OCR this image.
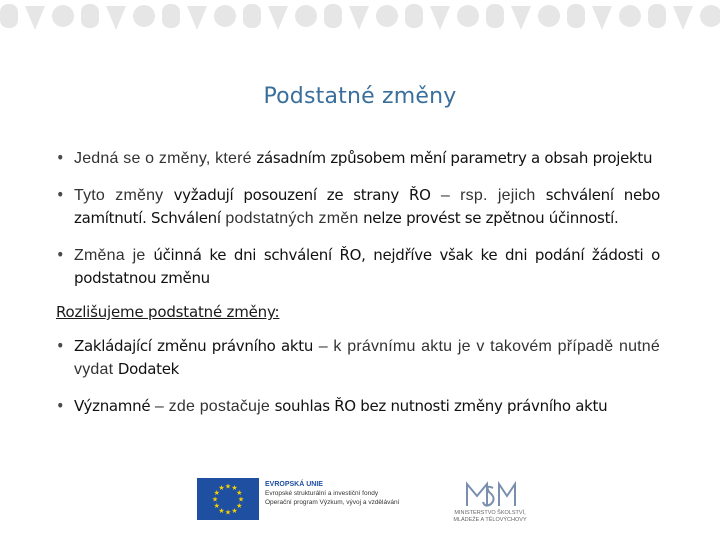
Podstatné změny
• Jedná se o změny, které zásadním způsobem mění parametry a obsah projektu
• Tyto změny vyžadují posouzení ze strany ŘO – rsp. jejich schválení nebo zamítnutí. Schválení podstatných změn nelze provést se zpětnou účinností.
• Změna je účinná ke dni schválení ŘO, nejdříve však ke dni podání žádosti o podstatnou změnu
Rozlišujeme podstatné změny:
• Zakládající změnu právního aktu – k právnímu aktu je v takovém případě nutné vydat Dodatek
• Významné – zde postačuje souhlas ŘO bez nutnosti změny právního aktu
★ ★
★
★
★
★
★
★
★
★
★
★	EVROPSKÁ UNIE
Evropské strukturální a investiční fondy
Operační program Výzkum, vývoj a vzdělávání
MINISTERSTVO ŠKOLSTVÍ, MLÁDEŽE A TĚLOVÝCHOVY
